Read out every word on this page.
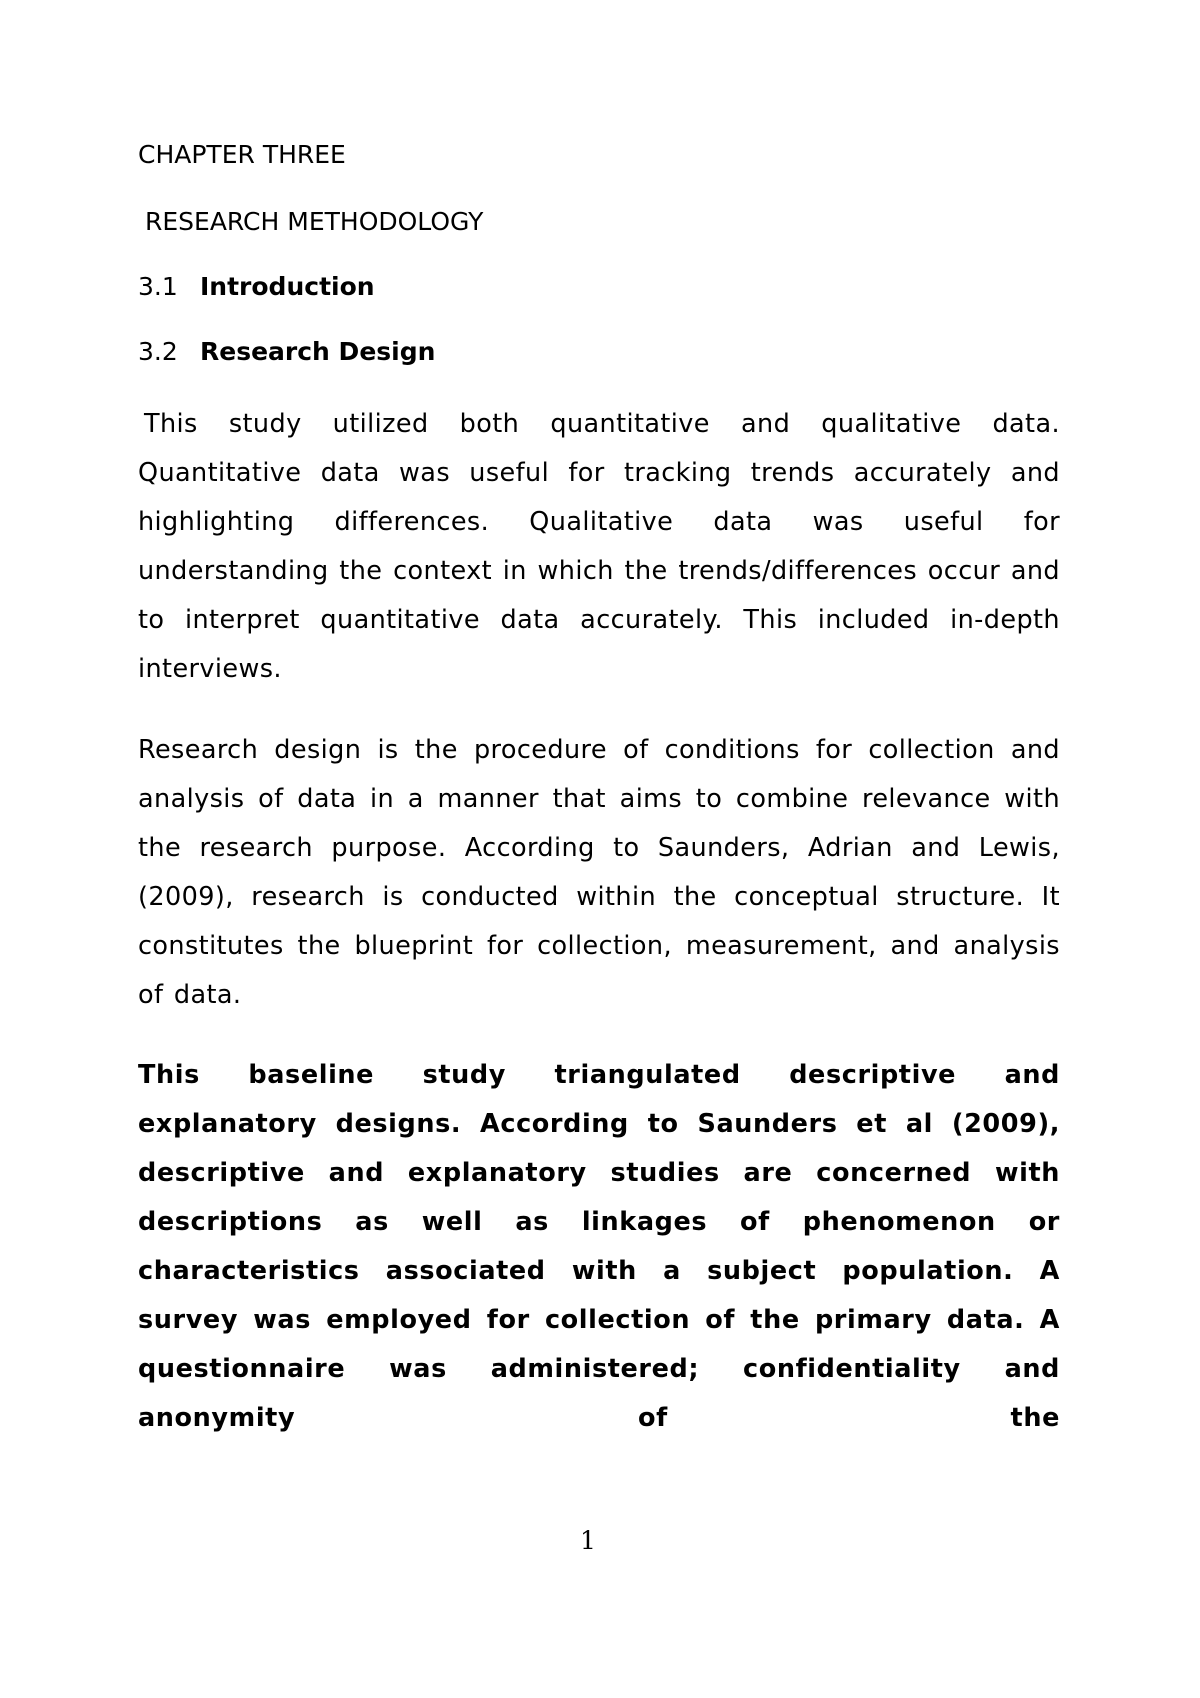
CHAPTER THREE

RESEARCH METHODOLOGY

3.1 Introduction

3.2 Research Design

This study utilized both quantitative and qualitative data. Quantitative data was useful for tracking trends accurately and highlighting differences. Qualitative data was useful for understanding the context in which the trends/differences occur and to interpret quantitative data accurately. This included in-depth interviews.

Research design is the procedure of conditions for collection and analysis of data in a manner that aims to combine relevance with the research purpose. According to Saunders, Adrian and Lewis, (2009), research is conducted within the conceptual structure. It constitutes the blueprint for collection, measurement, and analysis of data.

This baseline study triangulated descriptive and explanatory designs. According to Saunders et al (2009), descriptive and explanatory studies are concerned with descriptions as well as linkages of phenomenon or characteristics associated with a subject population. A survey was employed for collection of the primary data. A questionnaire was administered; confidentiality and anonymity of the

1
